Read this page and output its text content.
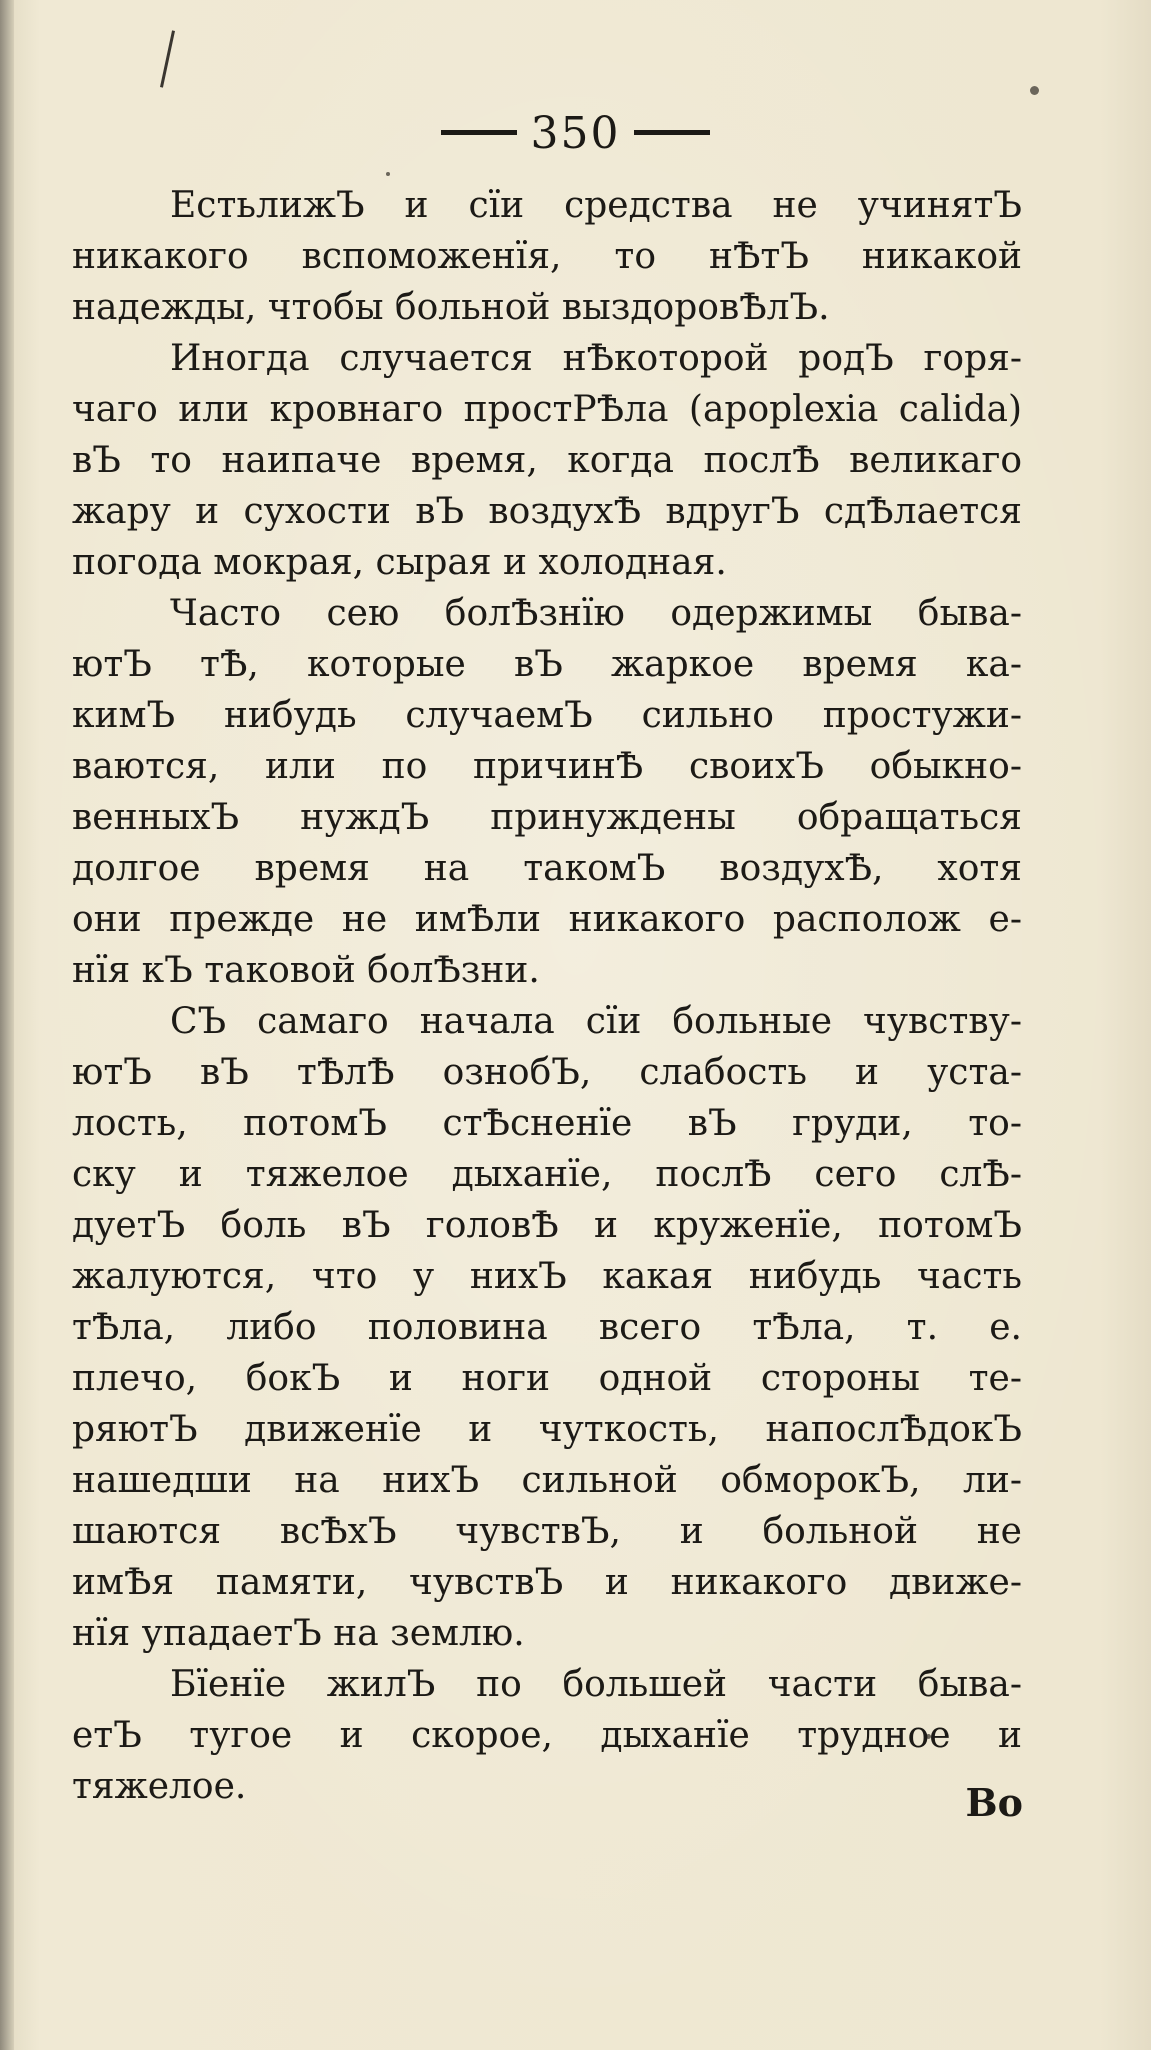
350
ЕстьлижЪ и сїи средства не учинятЪ
никакого вспоможенїя, то нѢтЪ никакой
надежды, чтобы больной выздоровѢлЪ.
Иногда случается нѢкоторой родЪ горя-
чаго или кровнаго простРѢла (apoplexia calida)
вЪ то наипаче время, когда послѢ великаго
жару и сухости вЪ воздухѢ вдругЪ сдѢлается
погода мокрая, сырая и холодная.
Часто сею болѢзнїю одержимы быва-
ютЪ тѢ, которые вЪ жаркое время ка-
кимЪ нибудь случаемЪ сильно простужи-
ваются, или по причинѢ своихЪ обыкно-
венныхЪ нуждЪ принуждены обращаться
долгое время на такомЪ воздухѢ, хотя
они прежде не имѢли никакого располож е-
нїя кЪ таковой болѢзни.
СЪ самаго начала сїи больные чувству-
ютЪ вЪ тѢлѢ ознобЪ, слабость и уста-
лость, потомЪ стѢсненїе вЪ груди, то-
ску и тяжелое дыханїе, послѢ сего слѢ-
дуетЪ боль вЪ головѢ и круженїе, потомЪ
жалуются, что у нихЪ какая нибудь часть
тѢла, либо половина всего тѢла, т. е.
плечо, бокЪ и ноги одной стороны те-
ряютЪ движенїе и чуткость, напослѢдокЪ
нашедши на нихЪ сильной обморокЪ, ли-
шаются всѢхЪ чувствЪ, и больной не
имѢя памяти, чувствЪ и никакого движе-
нїя упадаетЪ на землю.
Бїенїе жилЪ по большей части быва-
етЪ тугое и скорое, дыханїе трудное и
тяжелое.	Во
